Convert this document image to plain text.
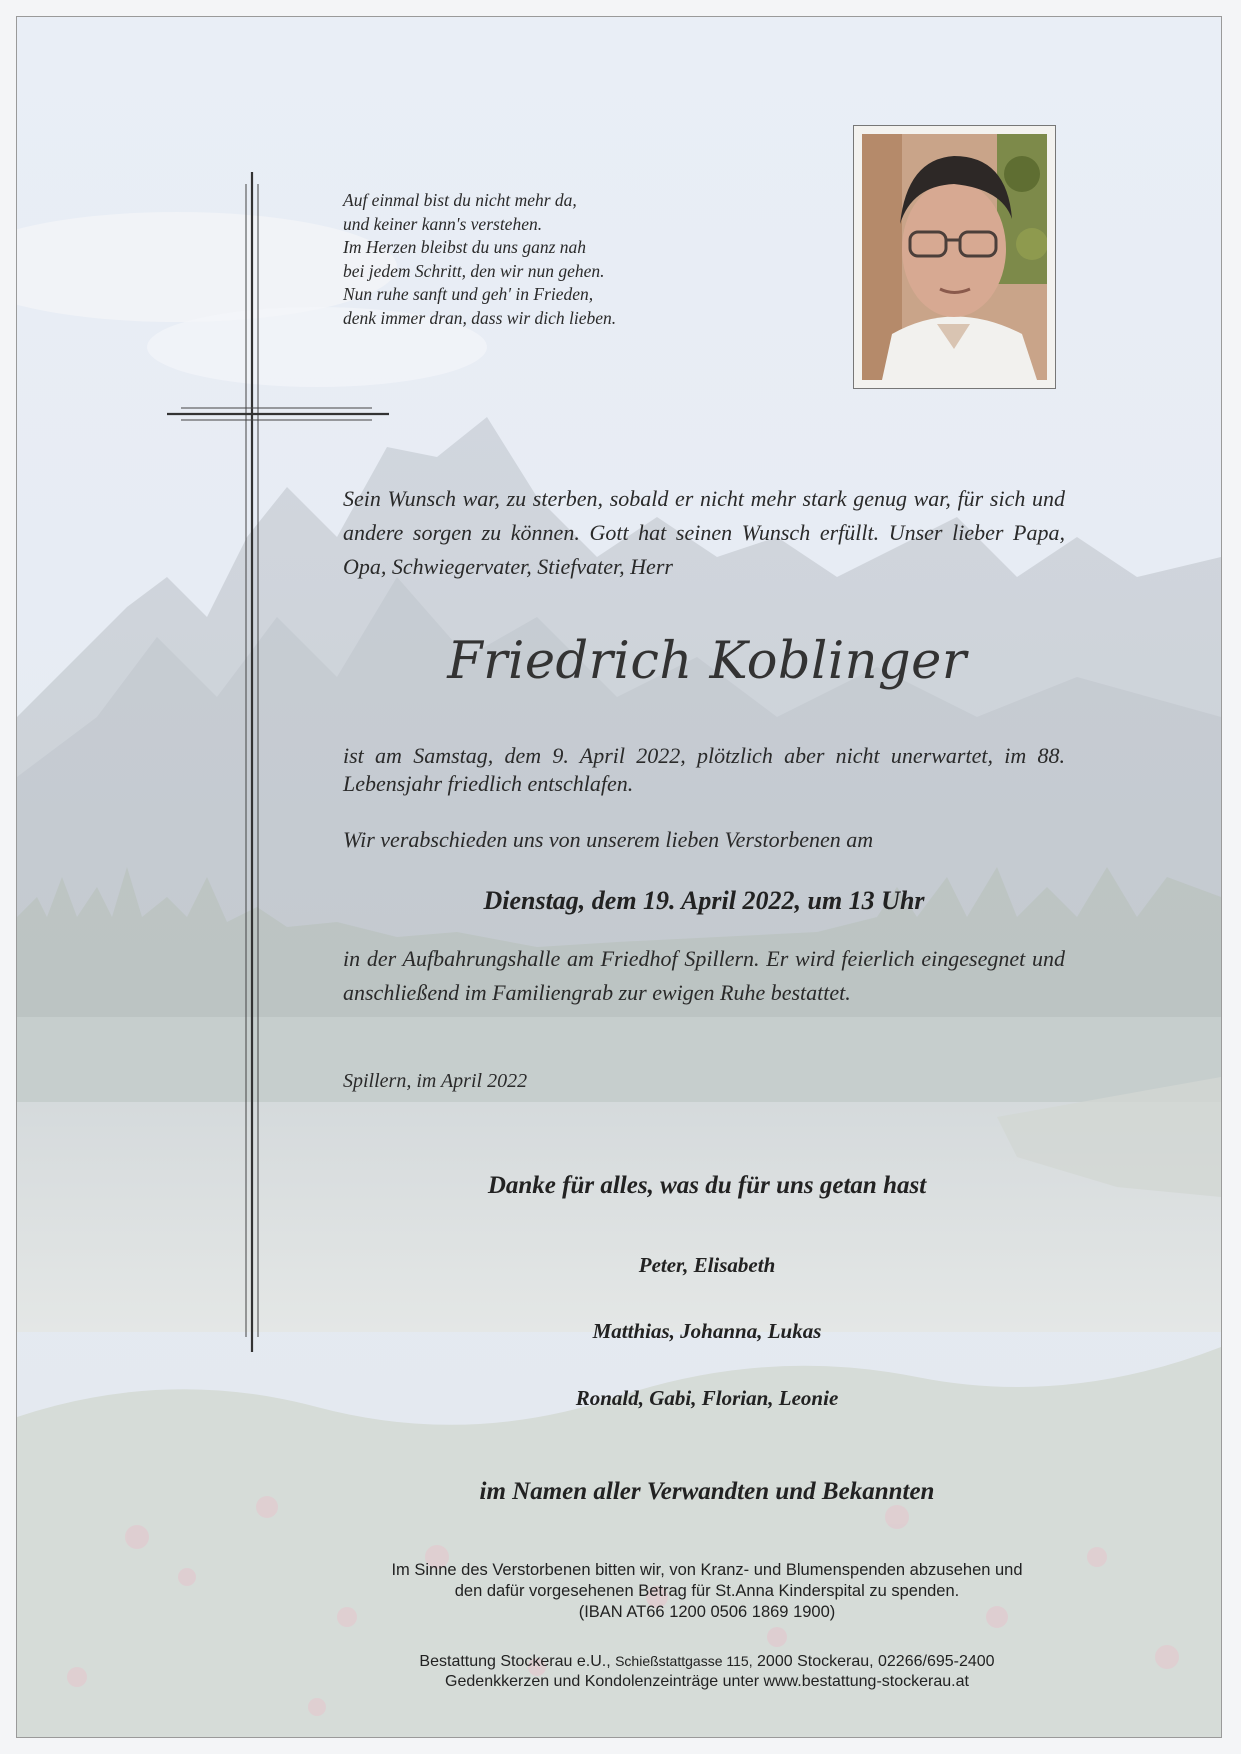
Auf einmal bist du nicht mehr da,
und keiner kann's verstehen.
Im Herzen bleibst du uns ganz nah
bei jedem Schritt, den wir nun gehen.
Nun ruhe sanft und geh' in Frieden,
denk immer dran, dass wir dich lieben.
Sein Wunsch war, zu sterben, sobald er nicht mehr stark genug war, für sich und andere sorgen zu können. Gott hat seinen Wunsch erfüllt. Unser lieber Papa, Opa, Schwiegervater, Stiefvater, Herr
Friedrich Koblinger
ist am Samstag, dem 9. April 2022, plötzlich aber nicht unerwartet, im 88. Lebensjahr friedlich entschlafen.
Wir verabschieden uns von unserem lieben Verstorbenen am
Dienstag, dem 19. April 2022, um 13 Uhr
in der Aufbahrungshalle am Friedhof Spillern. Er wird feierlich eingesegnet und anschließend im Familiengrab zur ewigen Ruhe bestattet.
Spillern, im April 2022
Danke für alles, was du für uns getan hast
Peter, Elisabeth
Matthias, Johanna, Lukas
Ronald, Gabi, Florian, Leonie
im Namen aller Verwandten und Bekannten
Im Sinne des Verstorbenen bitten wir, von Kranz- und Blumenspenden abzusehen und
den dafür vorgesehenen Betrag für St.Anna Kinderspital zu spenden.
(IBAN AT66 1200 0506 1869 1900)
Bestattung Stockerau e.U., Schießstattgasse 115, 2000 Stockerau, 02266/695-2400
Gedenkkerzen und Kondolenzeinträge unter www.bestattung-stockerau.at
